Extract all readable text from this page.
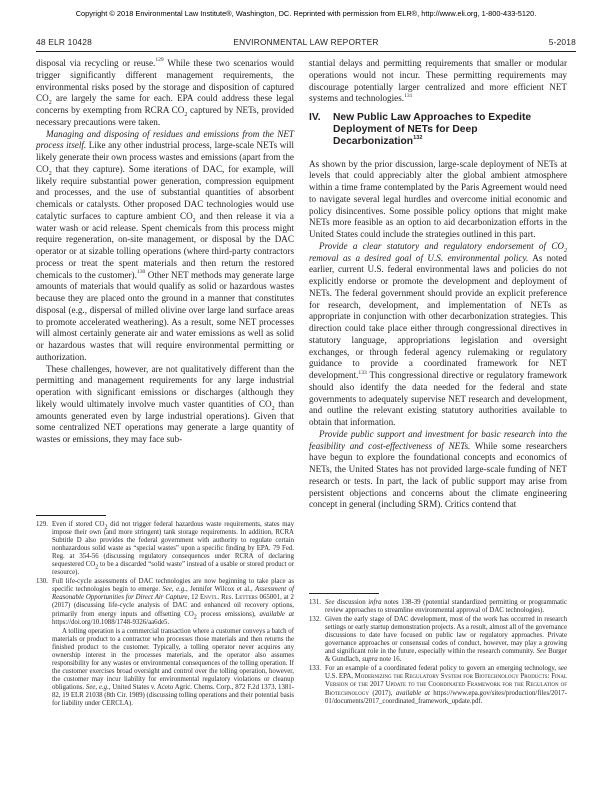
Copyright © 2018 Environmental Law Institute®, Washington, DC. Reprinted with permission from ELR®, http://www.eli.org, 1-800-433-5120.
48 ELR 10428	ENVIRONMENTAL LAW REPORTER	5-2018

disposal via recycling or reuse.$^{129}$ While these two scenarios would trigger significantly different management requirements, the environmental risks posed by the storage and disposition of captured $CO_2$ are largely the same for each. EPA could address these legal concerns by exempting from RCRA $CO_2$ captured by NETs, provided necessary precautions were taken.

Managing and disposing of residues and emissions from the NET process itself. Like any other industrial process, large-scale NETs will likely generate their own process wastes and emissions (apart from the $CO_2$ that they capture). Some iterations of DAC, for example, will likely require substantial power generation, compression equipment and processes, and the use of substantial quantities of absorbent chemicals or catalysts. Other proposed DAC technologies would use catalytic surfaces to capture ambient $CO_2$ and then release it via a water wash or acid release. Spent chemicals from this process might require regeneration, on-site management, or disposal by the DAC operator or at sizable tolling operations (where third-party contractors process or treat the spent materials and then return the restored chemicals to the customer).$^{130}$ Other NET methods may generate large amounts of materials that would qualify as solid or hazardous wastes because they are placed onto the ground in a manner that constitutes disposal (e.g., dispersal of milled olivine over large land surface areas to promote accelerated weathering). As a result, some NET processes will almost certainly generate air and water emissions as well as solid or hazardous wastes that will require environmental permitting or authorization.

These challenges, however, are not qualitatively different than the permitting and management requirements for any large industrial operation with significant emissions or discharges (although they likely would ultimately involve much vaster quantities of $CO_2$ than amounts generated even by large industrial operations). Given that some centralized NET operations may generate a large quantity of wastes or emissions, they may face sub-

stantial delays and permitting requirements that smaller or modular operations would not incur. These permitting requirements may discourage potentially larger centralized and more efficient NET systems and technologies.$^{131}$

IV.	New Public Law Approaches to Expedite Deployment of NETs for Deep Decarbonization$^{132}$

As shown by the prior discussion, large-scale deployment of NETs at levels that could appreciably alter the global ambient atmosphere within a time frame contemplated by the Paris Agreement would need to navigate several legal hurdles and overcome initial economic and policy disincentives. Some possible policy options that might make NETs more feasible as an option to aid decarbonization efforts in the United States could include the strategies outlined in this part.

Provide a clear statutory and regulatory endorsement of $CO_2$ removal as a desired goal of U.S. environmental policy. As noted earlier, current U.S. federal environmental laws and policies do not explicitly endorse or promote the development and deployment of NETs. The federal government should provide an explicit preference for research, development, and implementation of NETs as appropriate in conjunction with other decarbonization strategies. This direction could take place either through congressional directives in statutory language, appropriations legislation and oversight exchanges, or through federal agency rulemaking or regulatory guidance to provide a coordinated framework for NET development.$^{133}$ This congressional directive or regulatory framework should also identify the data needed for the federal and state governments to adequately supervise NET research and development, and outline the relevant existing statutory authorities available to obtain that information.

Provide public support and investment for basic research into the feasibility and cost-effectiveness of NETs. While some researchers have begun to explore the foundational concepts and economics of NETs, the United States has not provided large-scale funding of NET research or tests. In part, the lack of public support may arise from persistent objections and concerns about the climate engineering concept in general (including SRM). Critics contend that

129. Even if stored $CO_2$ did not trigger federal hazardous waste requirements, states may impose their own (and more stringent) tank storage requirements. In addition, RCRA Subtitle D also provides the federal government with authority to regulate certain nonhazardous solid waste as “special wastes” upon a specific finding by EPA. 79 Fed. Reg. at 354-56 (discussing regulatory consequences under RCRA of declaring sequestered $CO_2$ to be a discarded “solid waste” instead of a usable or stored product or resource).
130. Full life-cycle assessments of DAC technologies are now beginning to take place as specific technologies begin to emerge. See, e.g., Jennifer Wilcox et al., Assessment of Reasonable Opportunities for Direct Air Capture, 12 Envtl. Res. Letters 065001, at 2 (2017) (discussing life-cycle analysis of DAC and enhanced oil recovery options, primarily from energy inputs and offsetting $CO_2$ process emissions), available at https://doi.org/10.1088/1748-9326/aa6de5.
A tolling operation is a commercial transaction where a customer conveys a batch of materials or product to a contractor who processes those materials and then returns the finished product to the customer. Typically, a tolling operator never acquires any ownership interest in the processes materials, and the operator also assumes responsibility for any wastes or environmental consequences of the tolling operation. If the customer exercises broad oversight and control over the tolling operation, however, the customer may incur liability for environmental regulatory violations or cleanup obligations. See, e.g., United States v. Aceto Agric. Chems. Corp., 872 F.2d 1373, 1381-82, 19 ELR 21038 (8th Cir. 1989) (discussing tolling operations and their potential basis for liability under CERCLA).
131. See discussion infra notes 138-39 (potential standardized permitting or programmatic review approaches to streamline environmental approval of DAC technologies).
132. Given the early stage of DAC development, most of the work has occurred in research settings or early startup demonstration projects. As a result, almost all of the governance discussions to date have focused on public law or regulatory approaches. Private governance approaches or consensual codes of conduct, however, may play a growing and significant role in the future, especially within the research community. See Burger & Gundlach, supra note 16.
133. For an example of a coordinated federal policy to govern an emerging technology, see U.S. EPA, Modernizing the Regulatory System for Biotechnology Products: Final Version of the 2017 Update to the Coordinated Framework for the Regulation of Biotechnology (2017), available at https://www.epa.gov/sites/production/files/2017-01/documents/2017_coordinated_framework_update.pdf.
